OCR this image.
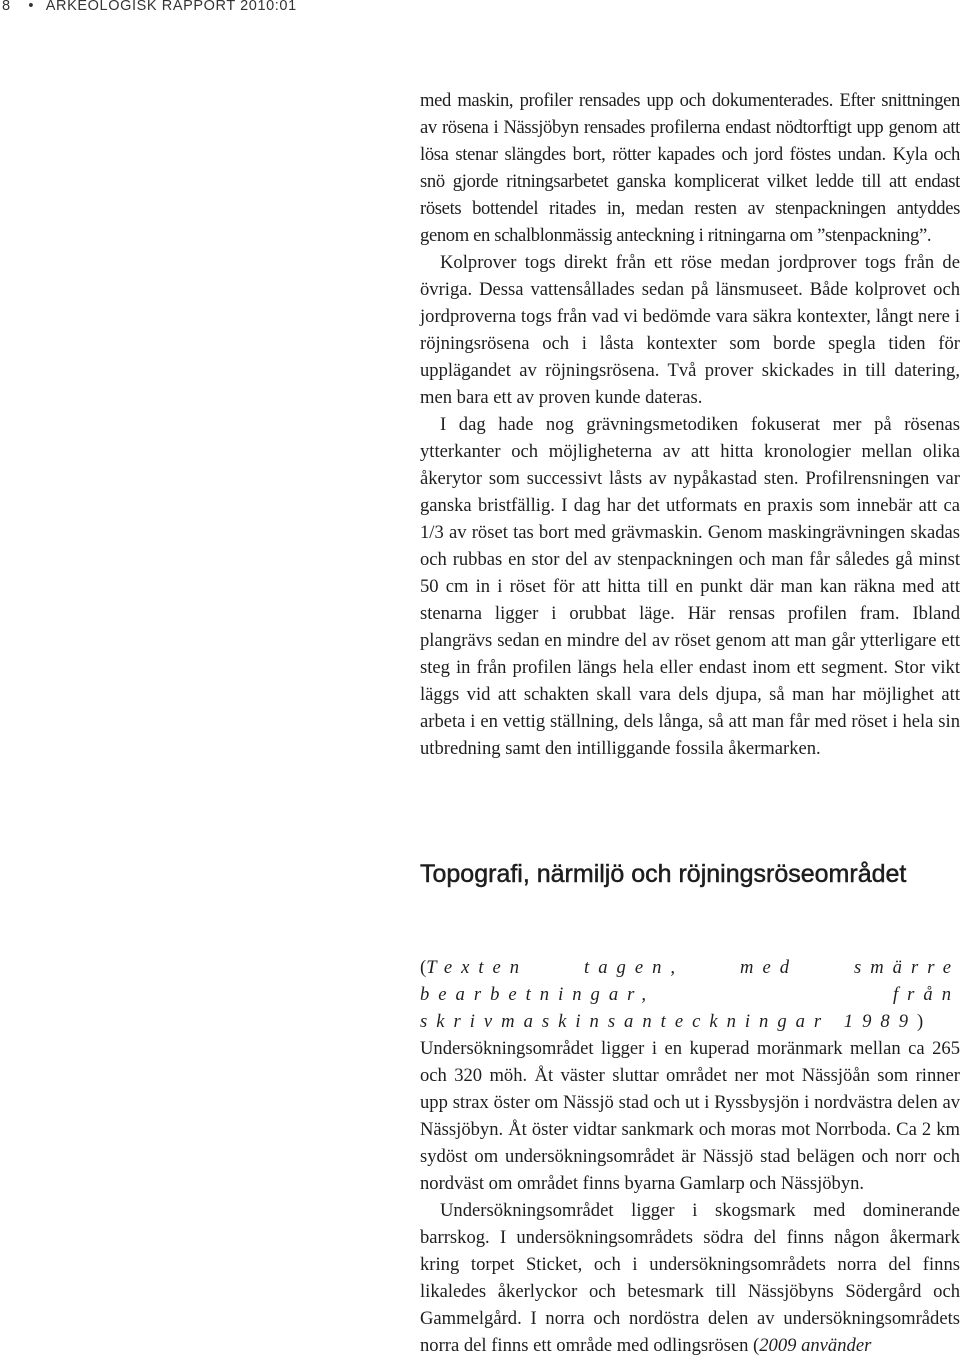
8 • ARKEOLOGISK RAPPORT 2010:01

med maskin, profiler rensades upp och dokumenterades. Efter snittningen av rösena i Nässjöbyn rensades profilerna endast nödtorftigt upp genom att lösa stenar slängdes bort, rötter kapades och jord föstes undan. Kyla och snö gjorde ritningsarbetet ganska komplicerat vilket ledde till att endast rösets bottendel ritades in, medan resten av stenpackningen antyddes genom en schalblonmässig anteckning i ritningarna om ”stenpackning”.

Kolprover togs direkt från ett röse medan jordprover togs från de övriga. Dessa vattensållades sedan på länsmuseet. Både kolprovet och jordproverna togs från vad vi bedömde vara säkra kontexter, långt nere i röjningsrösena och i låsta kontexter som borde spegla tiden för upplägandet av röjningsrösena. Två prover skickades in till datering, men bara ett av proven kunde dateras.

I dag hade nog grävningsmetodiken fokuserat mer på rösenas ytterkanter och möjligheterna av att hitta kronologier mellan olika åkerytor som successivt låsts av nypåkastad sten. Profilrensningen var ganska bristfällig. I dag har det utformats en praxis som innebär att ca 1/3 av röset tas bort med grävmaskin. Genom maskingrävningen skadas och rubbas en stor del av stenpackningen och man får således gå minst 50 cm in i röset för att hitta till en punkt där man kan räkna med att stenarna ligger i orubbat läge. Här rensas profilen fram. Ibland plangrävs sedan en mindre del av röset genom att man går ytterligare ett steg in från profilen längs hela eller endast inom ett segment. Stor vikt läggs vid att schakten skall vara dels djupa, så man har möjlighet att arbeta i en vettig ställning, dels långa, så att man får med röset i hela sin utbredning samt den intilliggande fossila åkermarken.

Topografi, närmiljö och röjningsröseområdet

(Texten tagen, med smärre bearbetningar, från skrivmaskinsanteckningar 1989)

Undersökningsområdet ligger i en kuperad moränmark mellan ca 265 och 320 möh. Åt väster sluttar området ner mot Nässjöån som rinner upp strax öster om Nässjö stad och ut i Ryssbysjön i nordvästra delen av Nässjöbyn. Åt öster vidtar sankmark och moras mot Norrboda. Ca 2 km sydöst om undersökningsområdet är Nässjö stad belägen och norr och nordväst om området finns byarna Gamlarp och Nässjöbyn.

Undersökningsområdet ligger i skogsmark med dominerande barrskog. I undersökningsområdets södra del finns någon åkermark kring torpet Sticket, och i undersökningsområdets norra del finns likaledes åkerlyckor och betesmark till Nässjöbyns Södergård och Gammelgård. I norra och nordöstra delen av undersökningsområdets norra del finns ett område med odlingsrösen (2009 använder
